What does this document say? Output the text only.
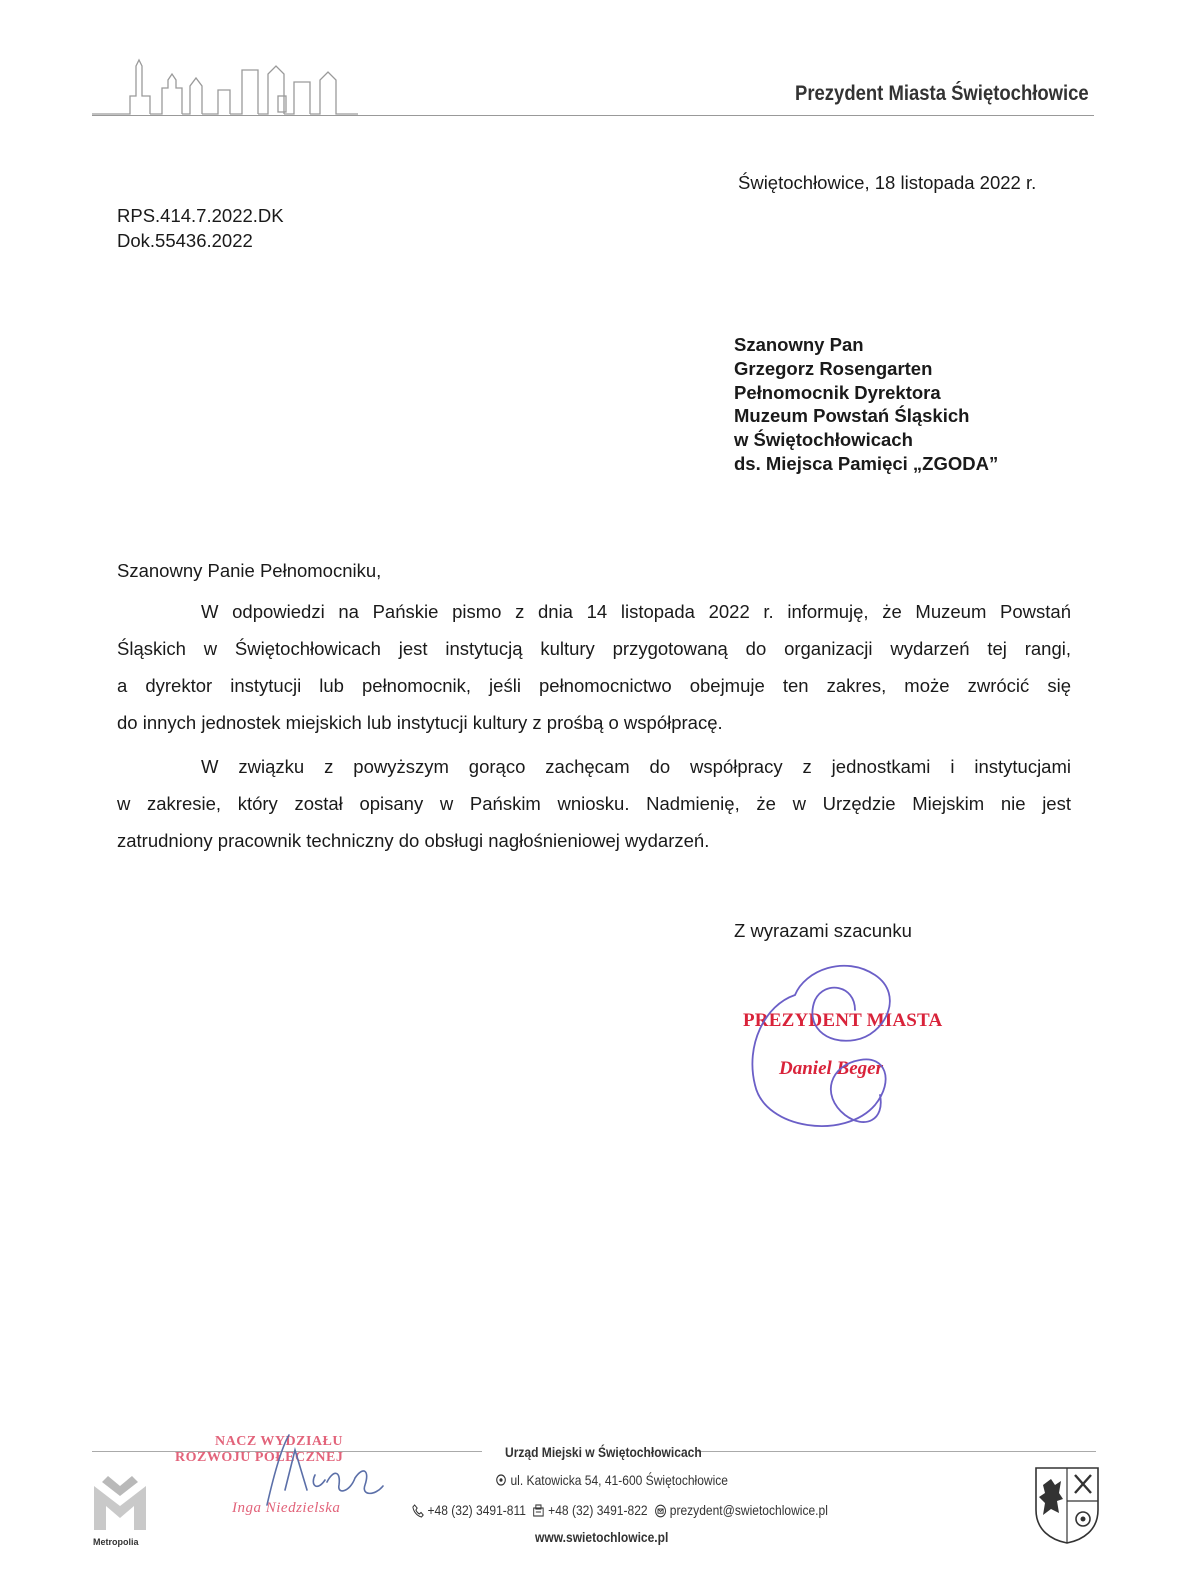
Prezydent Miasta Świętochłowice
Świętochłowice, 18 listopada 2022 r.
RPS.414.7.2022.DK
Dok.55436.2022
Szanowny Pan
Grzegorz Rosengarten
Pełnomocnik Dyrektora
Muzeum Powstań Śląskich
w Świętochłowicach
ds. Miejsca Pamięci „ZGODA”
Szanowny Panie Pełnomocniku,
W odpowiedzi na Pańskie pismo z dnia 14 listopada 2022 r. informuję, że Muzeum Powstań
Śląskich w Świętochłowicach jest instytucją kultury przygotowaną do organizacji wydarzeń tej rangi,
a dyrektor instytucji lub pełnomocnik, jeśli pełnomocnictwo obejmuje ten zakres, może zwrócić się
do innych jednostek miejskich lub instytucji kultury z prośbą o współpracę.
W związku z powyższym gorąco zachęcam do współpracy z jednostkami i instytucjami
w zakresie, który został opisany w Pańskim wniosku. Nadmienię, że w Urzędzie Miejskim nie jest
zatrudniony pracownik techniczny do obsługi nagłośnieniowej wydarzeń.
Z wyrazami szacunku
PREZYDENT MIASTA
Daniel Beger
NACZ WYDZIAŁU
ROZWOJU POŁECZNEJ
Inga Niedzielska
Urząd Miejski w Świętochłowicach
ul. Katowicka 54, 41-600 Świętochłowice
+48 (32) 3491-811 +48 (32) 3491-822 prezydent@swietochlowice.pl
www.swietochlowice.pl
Metropolia
